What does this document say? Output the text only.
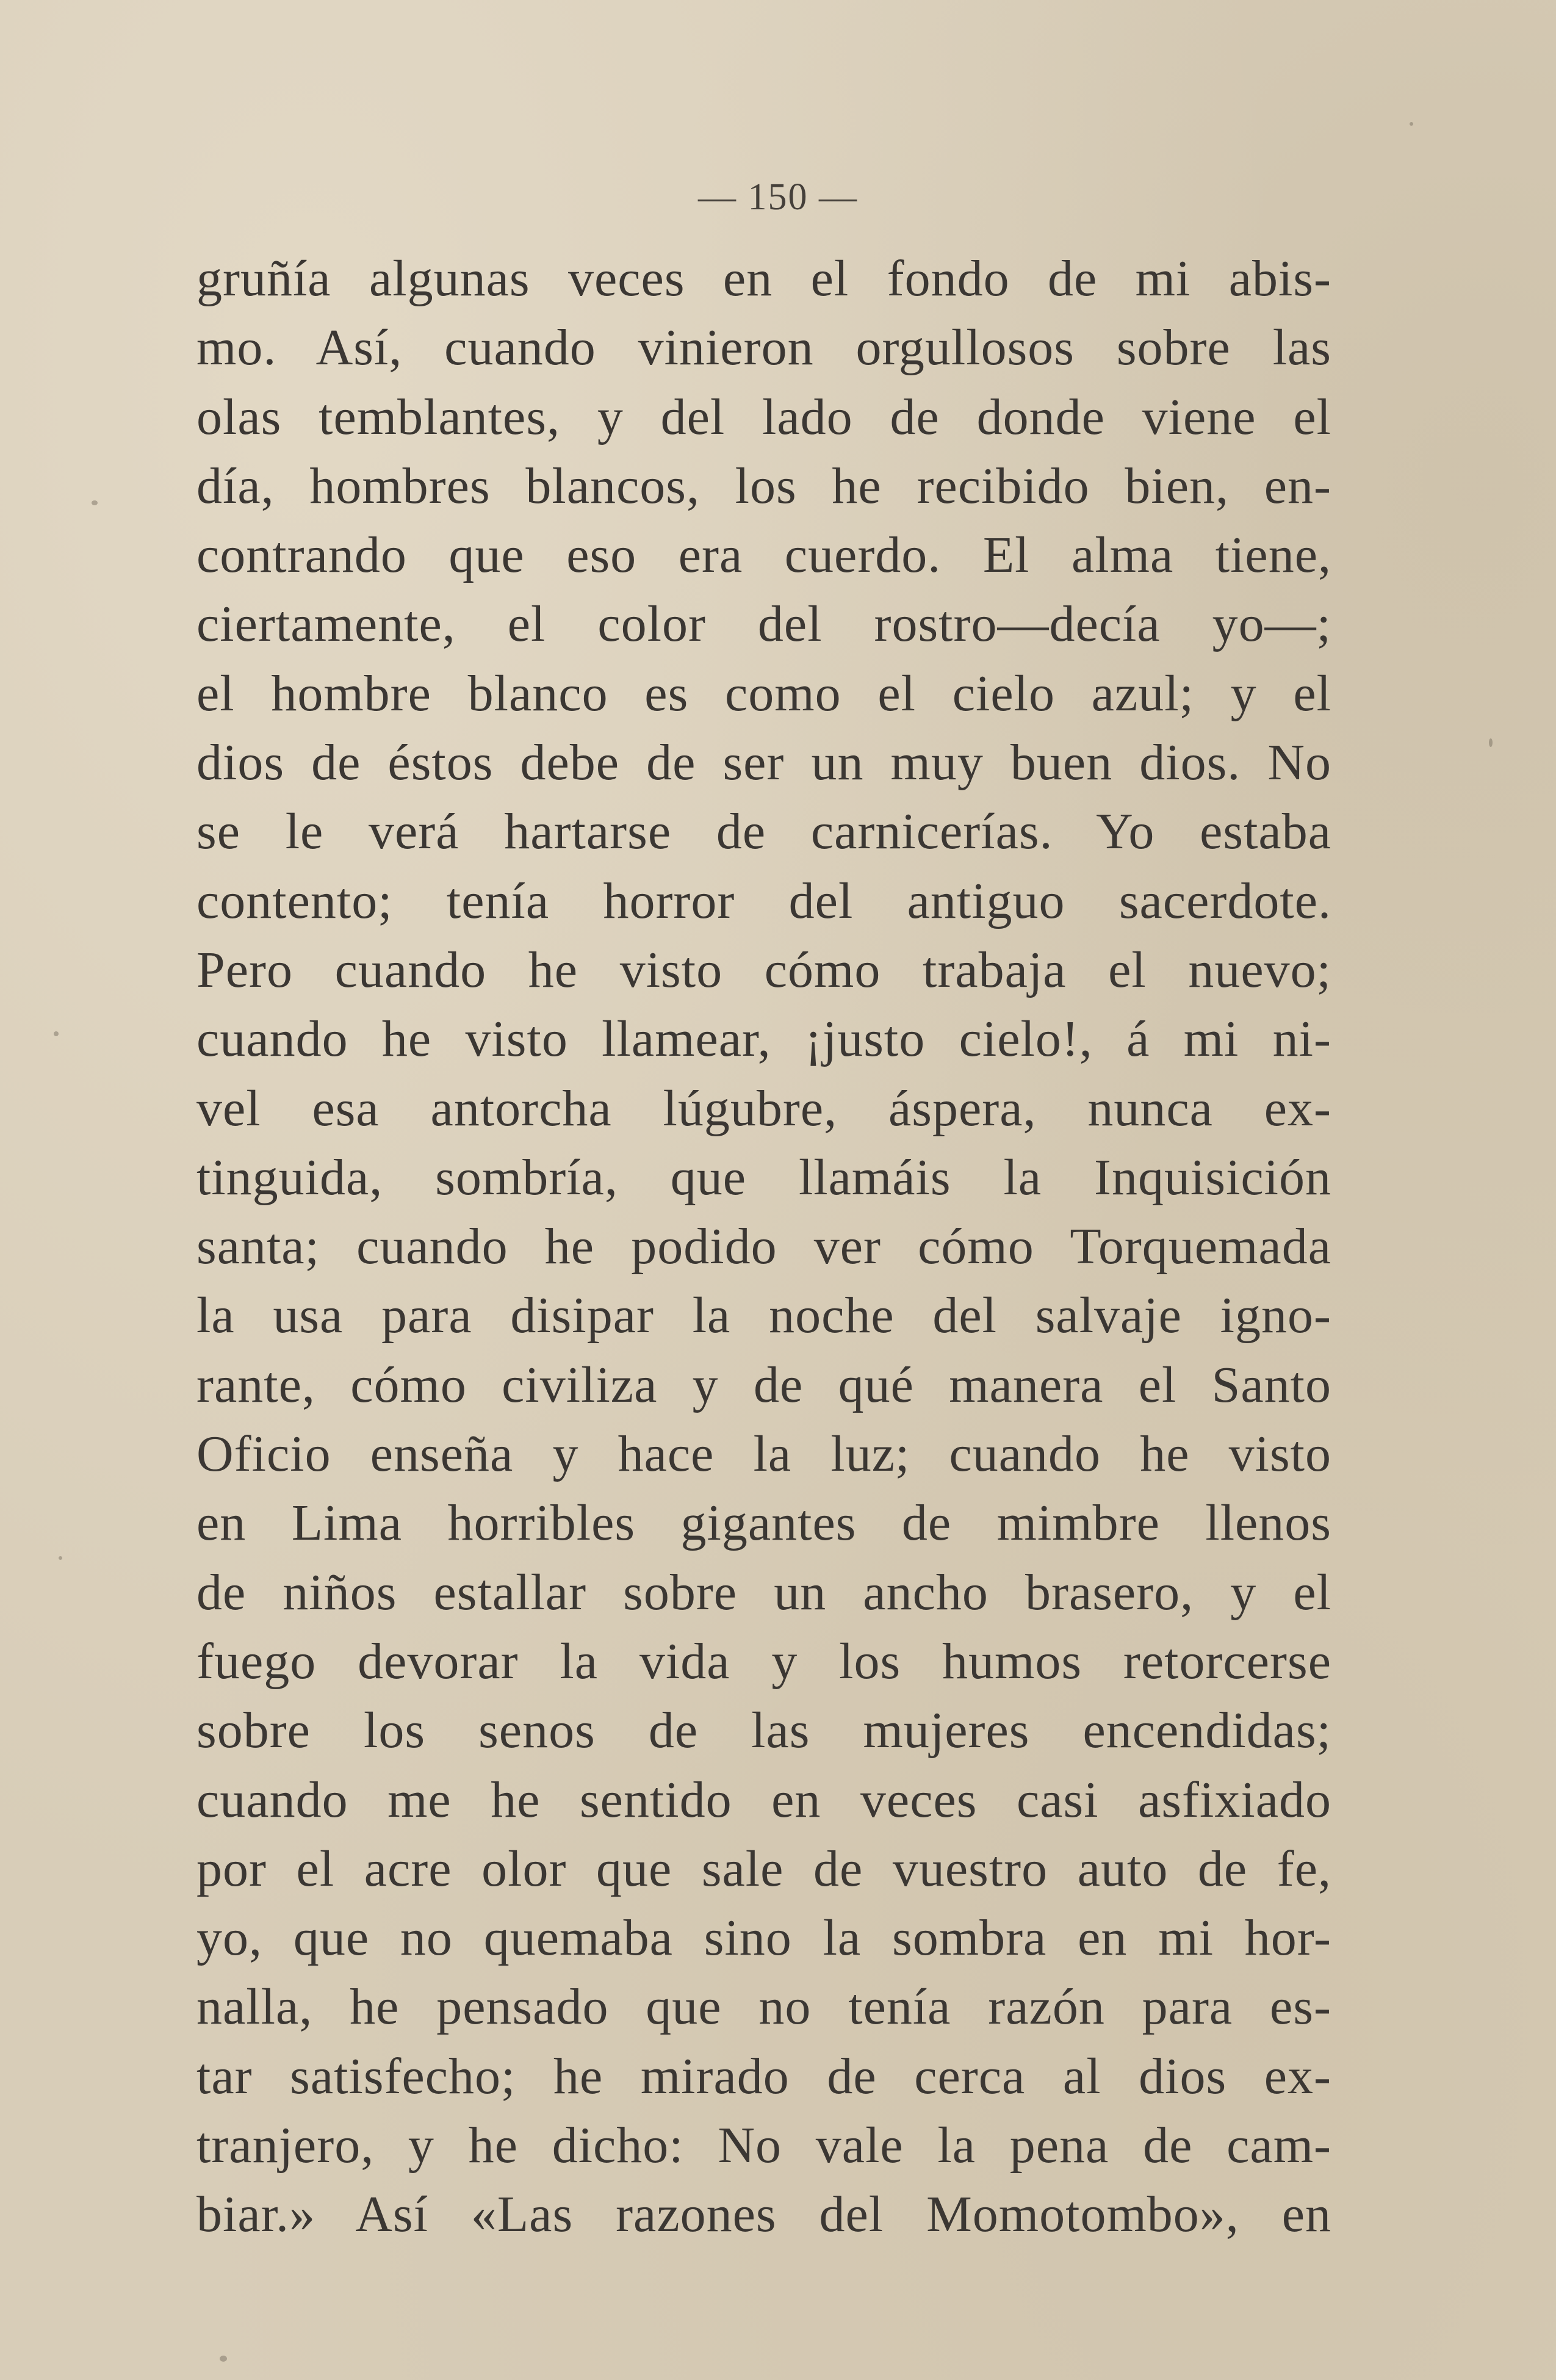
— 150 —
gruñía algunas veces en el fondo de mi abis-
mo. Así, cuando vinieron orgullosos sobre las
olas temblantes, y del lado de donde viene el
día, hombres blancos, los he recibido bien, en-
contrando que eso era cuerdo. El alma tiene,
ciertamente, el color del rostro—decía yo—;
el hombre blanco es como el cielo azul; y el
dios de éstos debe de ser un muy buen dios. No
se le verá hartarse de carnicerías. Yo estaba
contento; tenía horror del antiguo sacerdote.
Pero cuando he visto cómo trabaja el nuevo;
cuando he visto llamear, ¡justo cielo!, á mi ni-
vel esa antorcha lúgubre, áspera, nunca ex-
tinguida, sombría, que llamáis la Inquisición
santa; cuando he podido ver cómo Torquemada
la usa para disipar la noche del salvaje igno-
rante, cómo civiliza y de qué manera el Santo
Oficio enseña y hace la luz; cuando he visto
en Lima horribles gigantes de mimbre llenos
de niños estallar sobre un ancho brasero, y el
fuego devorar la vida y los humos retorcerse
sobre los senos de las mujeres encendidas;
cuando me he sentido en veces casi asfixiado
por el acre olor que sale de vuestro auto de fe,
yo, que no quemaba sino la sombra en mi hor-
nalla, he pensado que no tenía razón para es-
tar satisfecho; he mirado de cerca al dios ex-
tranjero, y he dicho: No vale la pena de cam-
biar.» Así «Las razones del Momotombo», en
